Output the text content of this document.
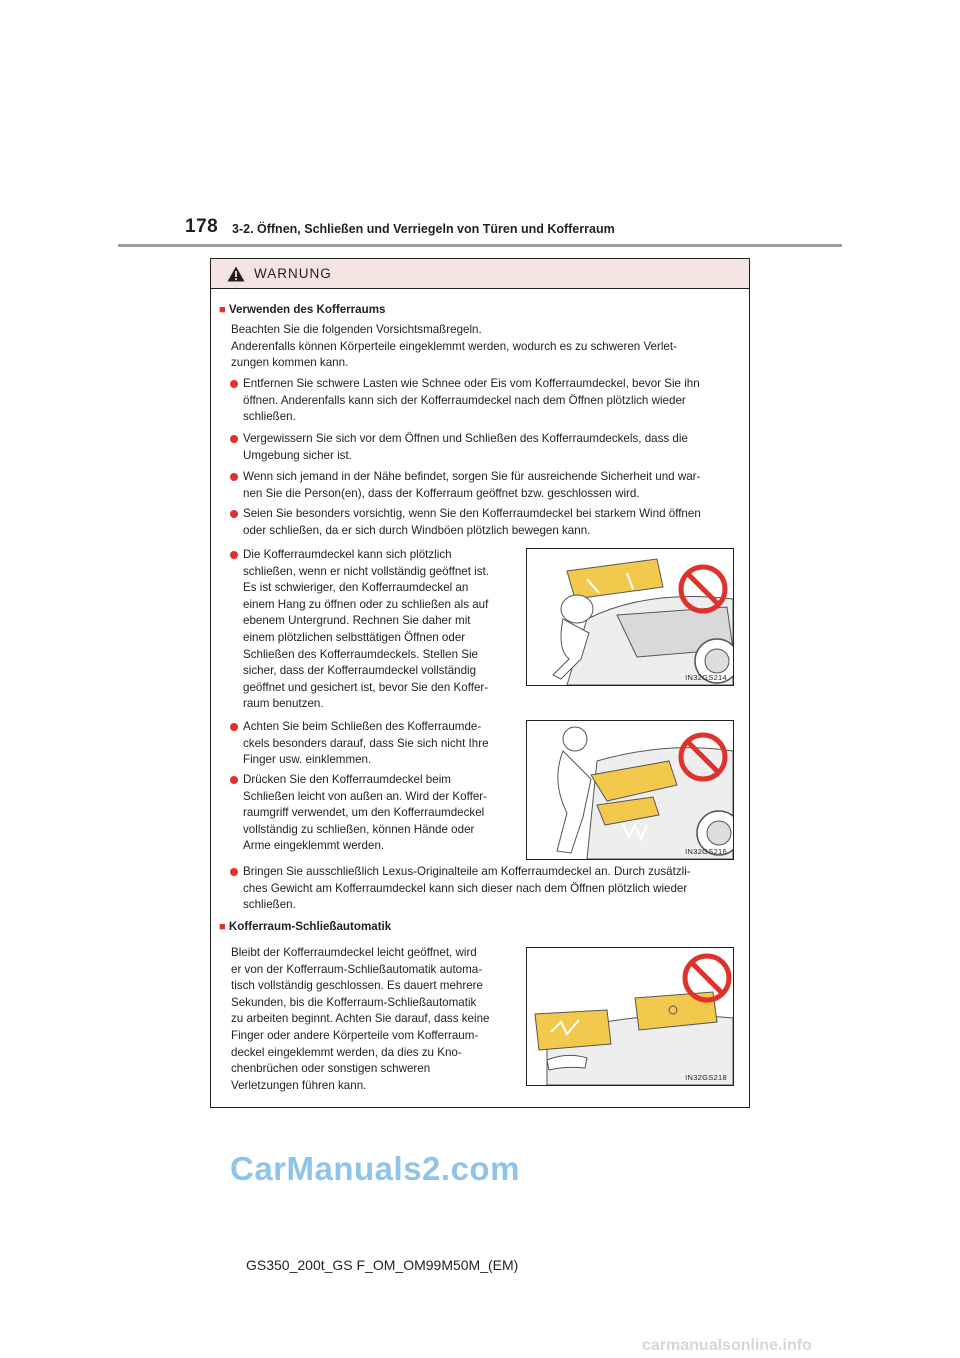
178 3-2. Öffnen, Schließen und Verriegeln von Türen und Kofferraum
WARNUNG
■ Verwenden des Kofferraums
Beachten Sie die folgenden Vorsichtsmaßregeln.
Anderenfalls können Körperteile eingeklemmt werden, wodurch es zu schweren Verlet-
zungen kommen kann.
Entfernen Sie schwere Lasten wie Schnee oder Eis vom Kofferraumdeckel, bevor Sie ihn
öffnen. Anderenfalls kann sich der Kofferraumdeckel nach dem Öffnen plötzlich wieder
schließen.
Vergewissern Sie sich vor dem Öffnen und Schließen des Kofferraumdeckels, dass die
Umgebung sicher ist.
Wenn sich jemand in der Nähe befindet, sorgen Sie für ausreichende Sicherheit und war-
nen Sie die Person(en), dass der Kofferraum geöffnet bzw. geschlossen wird.
Seien Sie besonders vorsichtig, wenn Sie den Kofferraumdeckel bei starkem Wind öffnen
oder schließen, da er sich durch Windböen plötzlich bewegen kann.
Die Kofferraumdeckel kann sich plötzlich
schließen, wenn er nicht vollständig geöffnet ist.
Es ist schwieriger, den Kofferraumdeckel an
einem Hang zu öffnen oder zu schließen als auf
ebenem Untergrund. Rechnen Sie daher mit
einem plötzlichen selbsttätigen Öffnen oder
Schließen des Kofferraumdeckels. Stellen Sie
sicher, dass der Kofferraumdeckel vollständig
geöffnet und gesichert ist, bevor Sie den Koffer-
raum benutzen.
IN32GS214
Achten Sie beim Schließen des Kofferraumde-
ckels besonders darauf, dass Sie sich nicht Ihre
Finger usw. einklemmen.
Drücken Sie den Kofferraumdeckel beim
Schließen leicht von außen an. Wird der Koffer-
raumgriff verwendet, um den Kofferraumdeckel
vollständig zu schließen, können Hände oder
Arme eingeklemmt werden.	IN32GS216
Bringen Sie ausschließlich Lexus-Originalteile am Kofferraumdeckel an. Durch zusätzli-
ches Gewicht am Kofferraumdeckel kann sich dieser nach dem Öffnen plötzlich wieder
schließen.
■ Kofferraum-Schließautomatik
Bleibt der Kofferraumdeckel leicht geöffnet, wird
er von der Kofferraum-Schließautomatik automa-
tisch vollständig geschlossen. Es dauert mehrere
Sekunden, bis die Kofferraum-Schließautomatik
zu arbeiten beginnt. Achten Sie darauf, dass keine
Finger oder andere Körperteile vom Kofferraum-
deckel eingeklemmt werden, da dies zu Kno-
chenbrüchen oder sonstigen schweren
Verletzungen führen kann.
IN32GS218
CarManuals2.com
GS350_200t_GS F_OM_OM99M50M_(EM)
carmanualsonline.info
